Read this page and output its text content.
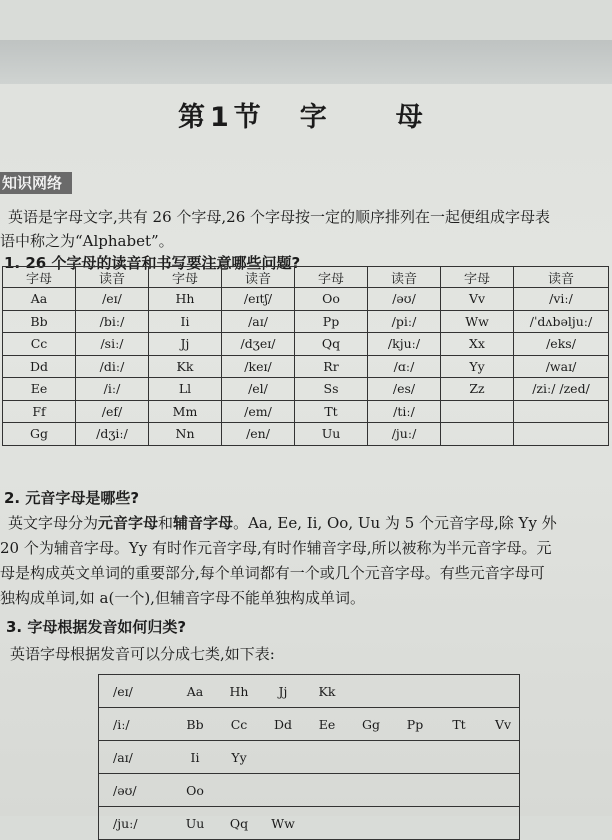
第 1 节 字	母
知识网络
英语是字母文字,共有 26 个字母,26 个字母按一定的顺序排列在一起便组成字母表
语中称之为“Alphabet”。
1. 26 个字母的读音和书写要注意哪些问题?
字母	读音	字母	读音	字母	读音	字母	读音
Aa	/eɪ/	Hh	/eɪtʃ/	Oo	/əʊ/	Vv	/viː/
Bb	/biː/	Ii	/aɪ/	Pp	/piː/	Ww	/ˈdʌbəljuː/
Cc	/siː/	Jj	/dʒeɪ/	Qq	/kjuː/	Xx	/eks/
Dd	/diː/	Kk	/keɪ/	Rr	/ɑː/	Yy	/waɪ/
Ee	/iː/	Ll	/el/	Ss	/es/	Zz	/ziː/ /zed/
Ff	/ef/	Mm	/em/	Tt	/tiː/		
Gg	/dʒiː/	Nn	/en/	Uu	/juː/		
2. 元音字母是哪些?
英文字母分为元音字母和辅音字母。Aa, Ee, Ii, Oo, Uu 为 5 个元音字母,除 Yy 外
20 个为辅音字母。Yy 有时作元音字母,有时作辅音字母,所以被称为半元音字母。元
母是构成英文单词的重要部分,每个单词都有一个或几个元音字母。有些元音字母可
独构成单词,如 a(一个),但辅音字母不能单独构成单词。
3. 字母根据发音如何归类?
英语字母根据发音可以分成七类,如下表:
/eɪ/	Aa	Hh	Jj	Kk
/iː/	Bb	Cc	Dd	Ee	Gg	Pp	Tt	Vv
/aɪ/	Ii	Yy
/əʊ/	Oo
/juː/	Uu	Qq	Ww
